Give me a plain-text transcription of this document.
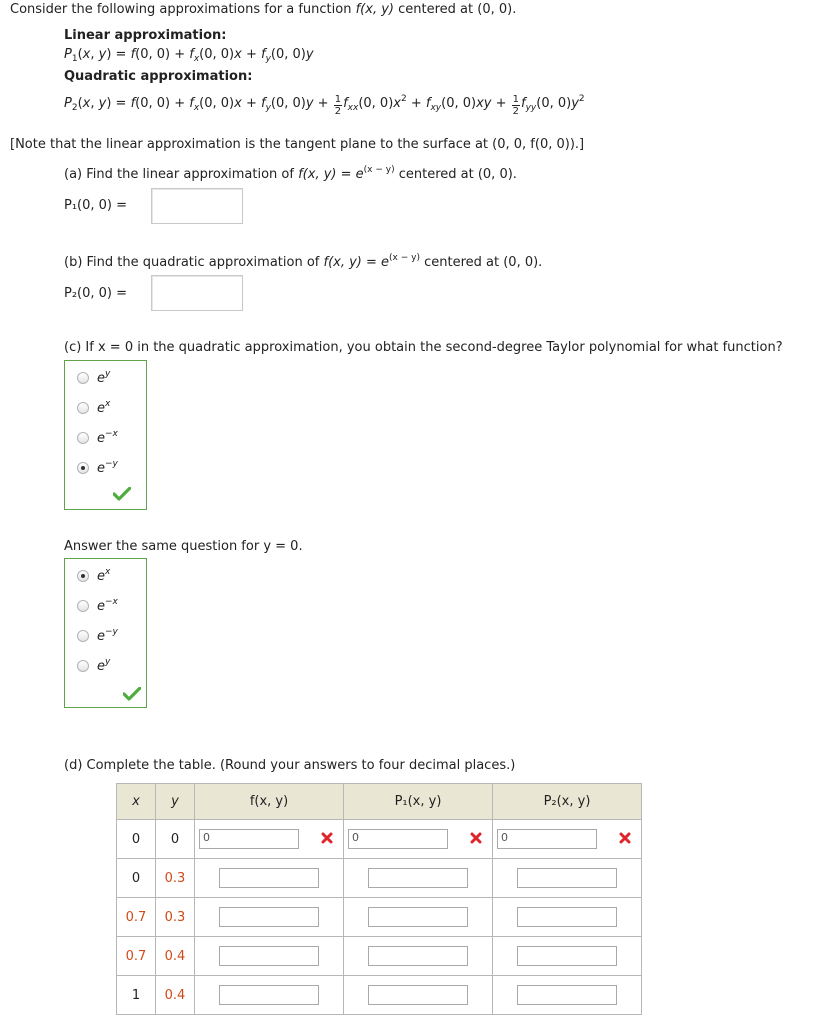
Consider the following approximations for a function f(x, y) centered at (0, 0).
Linear approximation:
$P_1(x$, y) = f(0, $0) + f_x(0$, $0)x + f_y(0$, 0)y
Quadratic approximation:
$P_2(x$, y) = f(0, $0) + f_x(0$, $0)x + f_y(0$, $0)y + \frac{1}{2} f_{xx}(0$, $0)x^2 + f_{xy}(0$, $0)xy + \frac{1}{2} f_{yy}(0$, $0)y^2$
[Note that the linear approximation is the tangent plane to the surface at (0, 0, f(0, 0)).]
(a) Find the linear approximation of f(x, $y) = e^{(x - y)}$ centered at (0, 0).
P₁(0, 0) =
(b) Find the quadratic approximation of f(x, $y) = e^{(x - y)}$ centered at (0, 0).
P₂(0, 0) =
(c) If x = 0 in the quadratic approximation, you obtain the second-degree Taylor polynomial for what function?
$e^y$
$e^x$
$e^{-x}$
$e^{-y}$
Answer the same question for y = 0.
$e^x$
$e^{-x}$
$e^{-y}$
$e^y$
(d) Complete the table. (Round your answers to four decimal places.)
x	y	f(x, y)	P₁(x, y)	P₂(x, y)
0	0	0	0	0

0	0.3	

0.7	0.3	

0.7	0.4	

1	0.4	
